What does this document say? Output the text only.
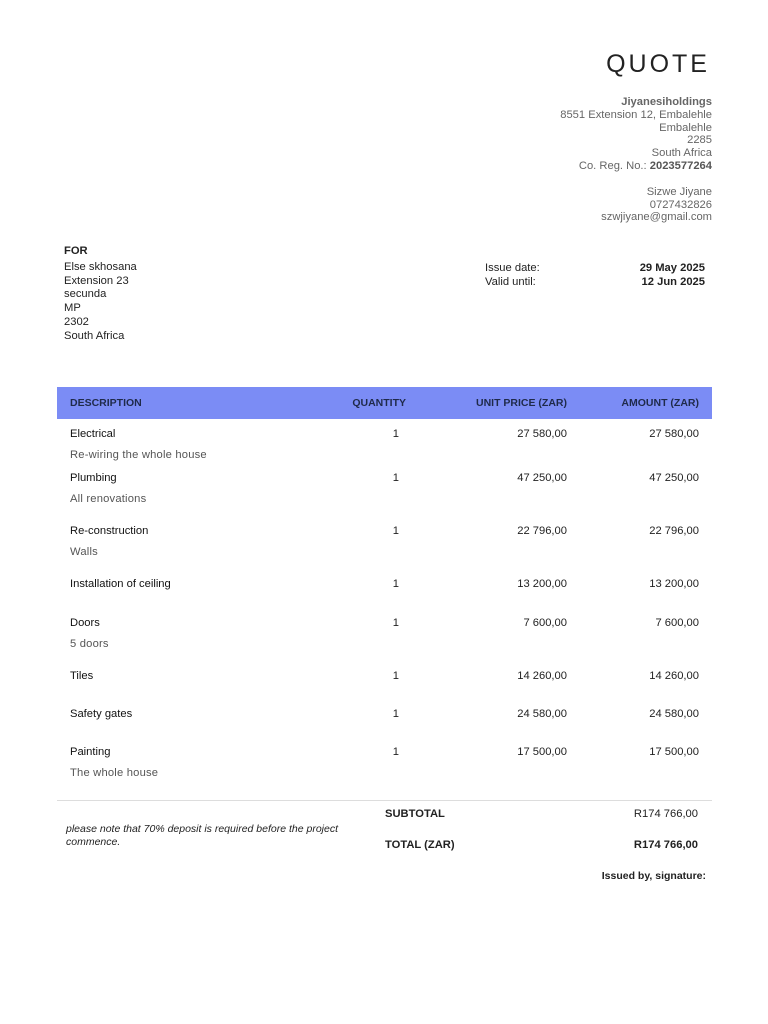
QUOTE
Jiyanesiholdings
8551 Extension 12, Embalehle
Embalehle
2285
South Africa
Co. Reg. No.: 2023577264
Sizwe Jiyane
0727432826
szwjiyane@gmail.com
FOR
Else skhosana
Extension 23
secunda
MP
2302
South Africa
Issue date:	29 May 2025
Valid until:	12 Jun 2025
DESCRIPTION	QUANTITY	UNIT PRICE (ZAR)	AMOUNT (ZAR)

Electrical
Re-wiring the whole house	1	27 580,00	27 580,00

Plumbing
All renovations	1	47 250,00	47 250,00

Re-construction
Walls	1	22 796,00	22 796,00

Installation of ceiling	1	13 200,00	13 200,00

Doors
5 doors	1	7 600,00	7 600,00

Tiles	1	14 260,00	14 260,00

Safety gates	1	24 580,00	24 580,00

Painting
The whole house	1	17 500,00	17 500,00
please note that 70% deposit is required before the project commence.
SUBTOTAL	R174 766,00
TOTAL (ZAR)	R174 766,00
Issued by, signature:
